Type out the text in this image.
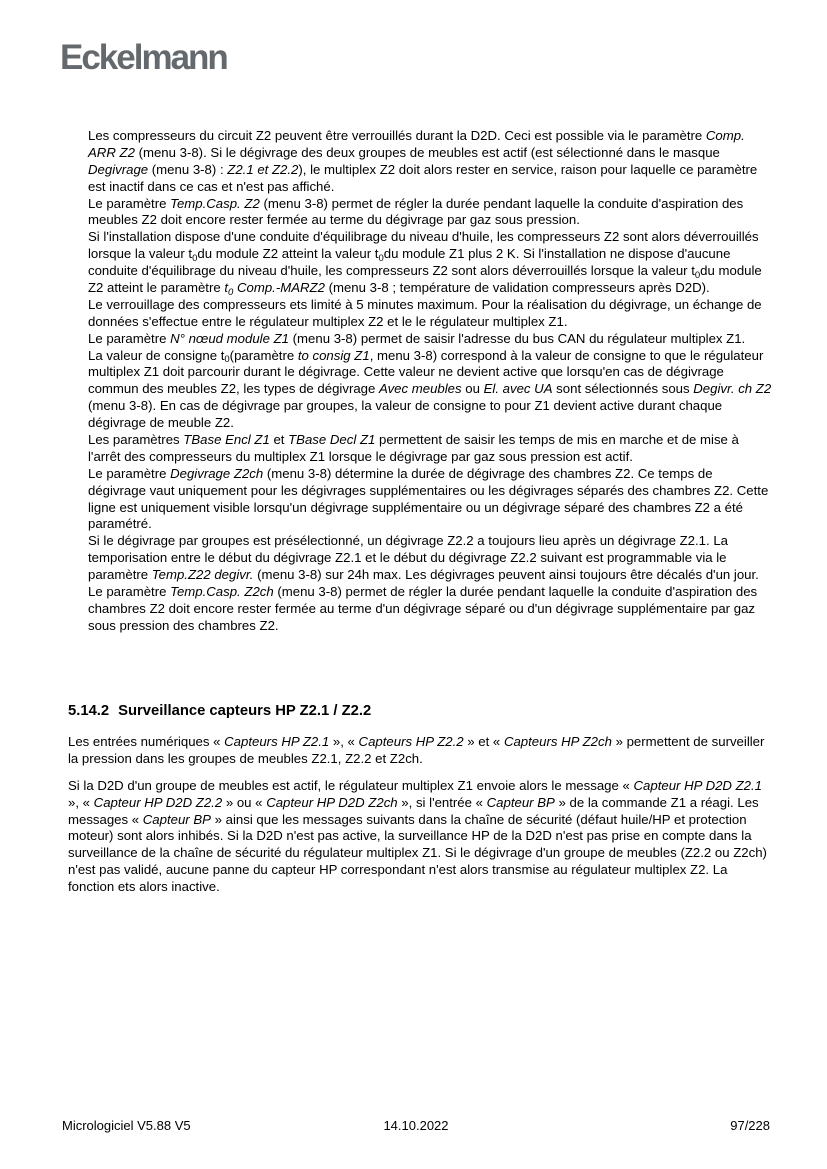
Eckelmann

Les compresseurs du circuit Z2 peuvent être verrouillés durant la D2D. Ceci est possible via le paramètre Comp. ARR Z2 (menu 3-8). Si le dégivrage des deux groupes de meubles est actif (est sélectionné dans le masque Degivrage (menu 3-8) : Z2.1 et Z2.2), le multiplex Z2 doit alors rester en service, raison pour laquelle ce paramètre est inactif dans ce cas et n'est pas affiché.

Le paramètre Temp.Casp. Z2 (menu 3-8) permet de régler la durée pendant laquelle la conduite d'aspiration des meubles Z2 doit encore rester fermée au terme du dégivrage par gaz sous pression.

Si l'installation dispose d'une conduite d'équilibrage du niveau d'huile, les compresseurs Z2 sont alors déverrouillés lorsque la valeur $t_0du$ module Z2 atteint la valeur $t_0du$ module Z1 plus 2 K. Si l'installation ne dispose d'aucune conduite d'équilibrage du niveau d'huile, les compresseurs Z2 sont alors déverrouillés lorsque la valeur $t_0du$ module Z2 atteint le paramètre $t_0$ Comp.-MARZ2 (menu 3-8 ; température de validation compresseurs après D2D).

Le verrouillage des compresseurs ets limité à 5 minutes maximum. Pour la réalisation du dégivrage, un échange de données s'effectue entre le régulateur multiplex Z2 et le le régulateur multiplex Z1.

Le paramètre N° nœud module Z1 (menu 3-8) permet de saisir l'adresse du bus CAN du régulateur multiplex Z1.

La valeur de consigne $t_0(paramètre$ to consig Z1, menu 3-8) correspond à la valeur de consigne to que le régulateur multiplex Z1 doit parcourir durant le dégivrage. Cette valeur ne devient active que lorsqu'en cas de dégivrage commun des meubles Z2, les types de dégivrage Avec meubles ou El. avec UA sont sélectionnés sous Degivr. ch Z2 (menu 3-8). En cas de dégivrage par groupes, la valeur de consigne to pour Z1 devient active durant chaque dégivrage de meuble Z2.

Les paramètres TBase Encl Z1 et TBase Decl Z1 permettent de saisir les temps de mis en marche et de mise à l'arrêt des compresseurs du multiplex Z1 lorsque le dégivrage par gaz sous pression est actif.

Le paramètre Degivrage Z2ch (menu 3-8) détermine la durée de dégivrage des chambres Z2. Ce temps de dégivrage vaut uniquement pour les dégivrages supplémentaires ou les dégivrages séparés des chambres Z2. Cette ligne est uniquement visible lorsqu'un dégivrage supplémentaire ou un dégivrage séparé des chambres Z2 a été paramétré.

Si le dégivrage par groupes est présélectionné, un dégivrage Z2.2 a toujours lieu après un dégivrage Z2.1. La temporisation entre le début du dégivrage Z2.1 et le début du dégivrage Z2.2 suivant est programmable via le paramètre Temp.Z22 degivr. (menu 3-8) sur 24h max. Les dégivrages peuvent ainsi toujours être décalés d'un jour.

Le paramètre Temp.Casp. Z2ch (menu 3-8) permet de régler la durée pendant laquelle la conduite d'aspiration des chambres Z2 doit encore rester fermée au terme d'un dégivrage séparé ou d'un dégivrage supplémentaire par gaz sous pression des chambres Z2.

5.14.2 Surveillance capteurs HP Z2.1 / Z2.2

Les entrées numériques « Capteurs HP Z2.1 », « Capteurs HP Z2.2 » et « Capteurs HP Z2ch » permettent de surveiller la pression dans les groupes de meubles Z2.1, Z2.2 et Z2ch.

Si la D2D d'un groupe de meubles est actif, le régulateur multiplex Z1 envoie alors le message « Capteur HP D2D Z2.1 », « Capteur HP D2D Z2.2 » ou « Capteur HP D2D Z2ch », si l'entrée « Capteur BP » de la commande Z1 a réagi. Les messages « Capteur BP » ainsi que les messages suivants dans la chaîne de sécurité (défaut huile/HP et protection moteur) sont alors inhibés. Si la D2D n'est pas active, la surveillance HP de la D2D n'est pas prise en compte dans la surveillance de la chaîne de sécurité du régulateur multiplex Z1. Si le dégivrage d'un groupe de meubles (Z2.2 ou Z2ch) n'est pas validé, aucune panne du capteur HP correspondant n'est alors transmise au régulateur multiplex Z2. La fonction ets alors inactive.

14.10.2022
Micrologiciel V5.88 V5	97/228
